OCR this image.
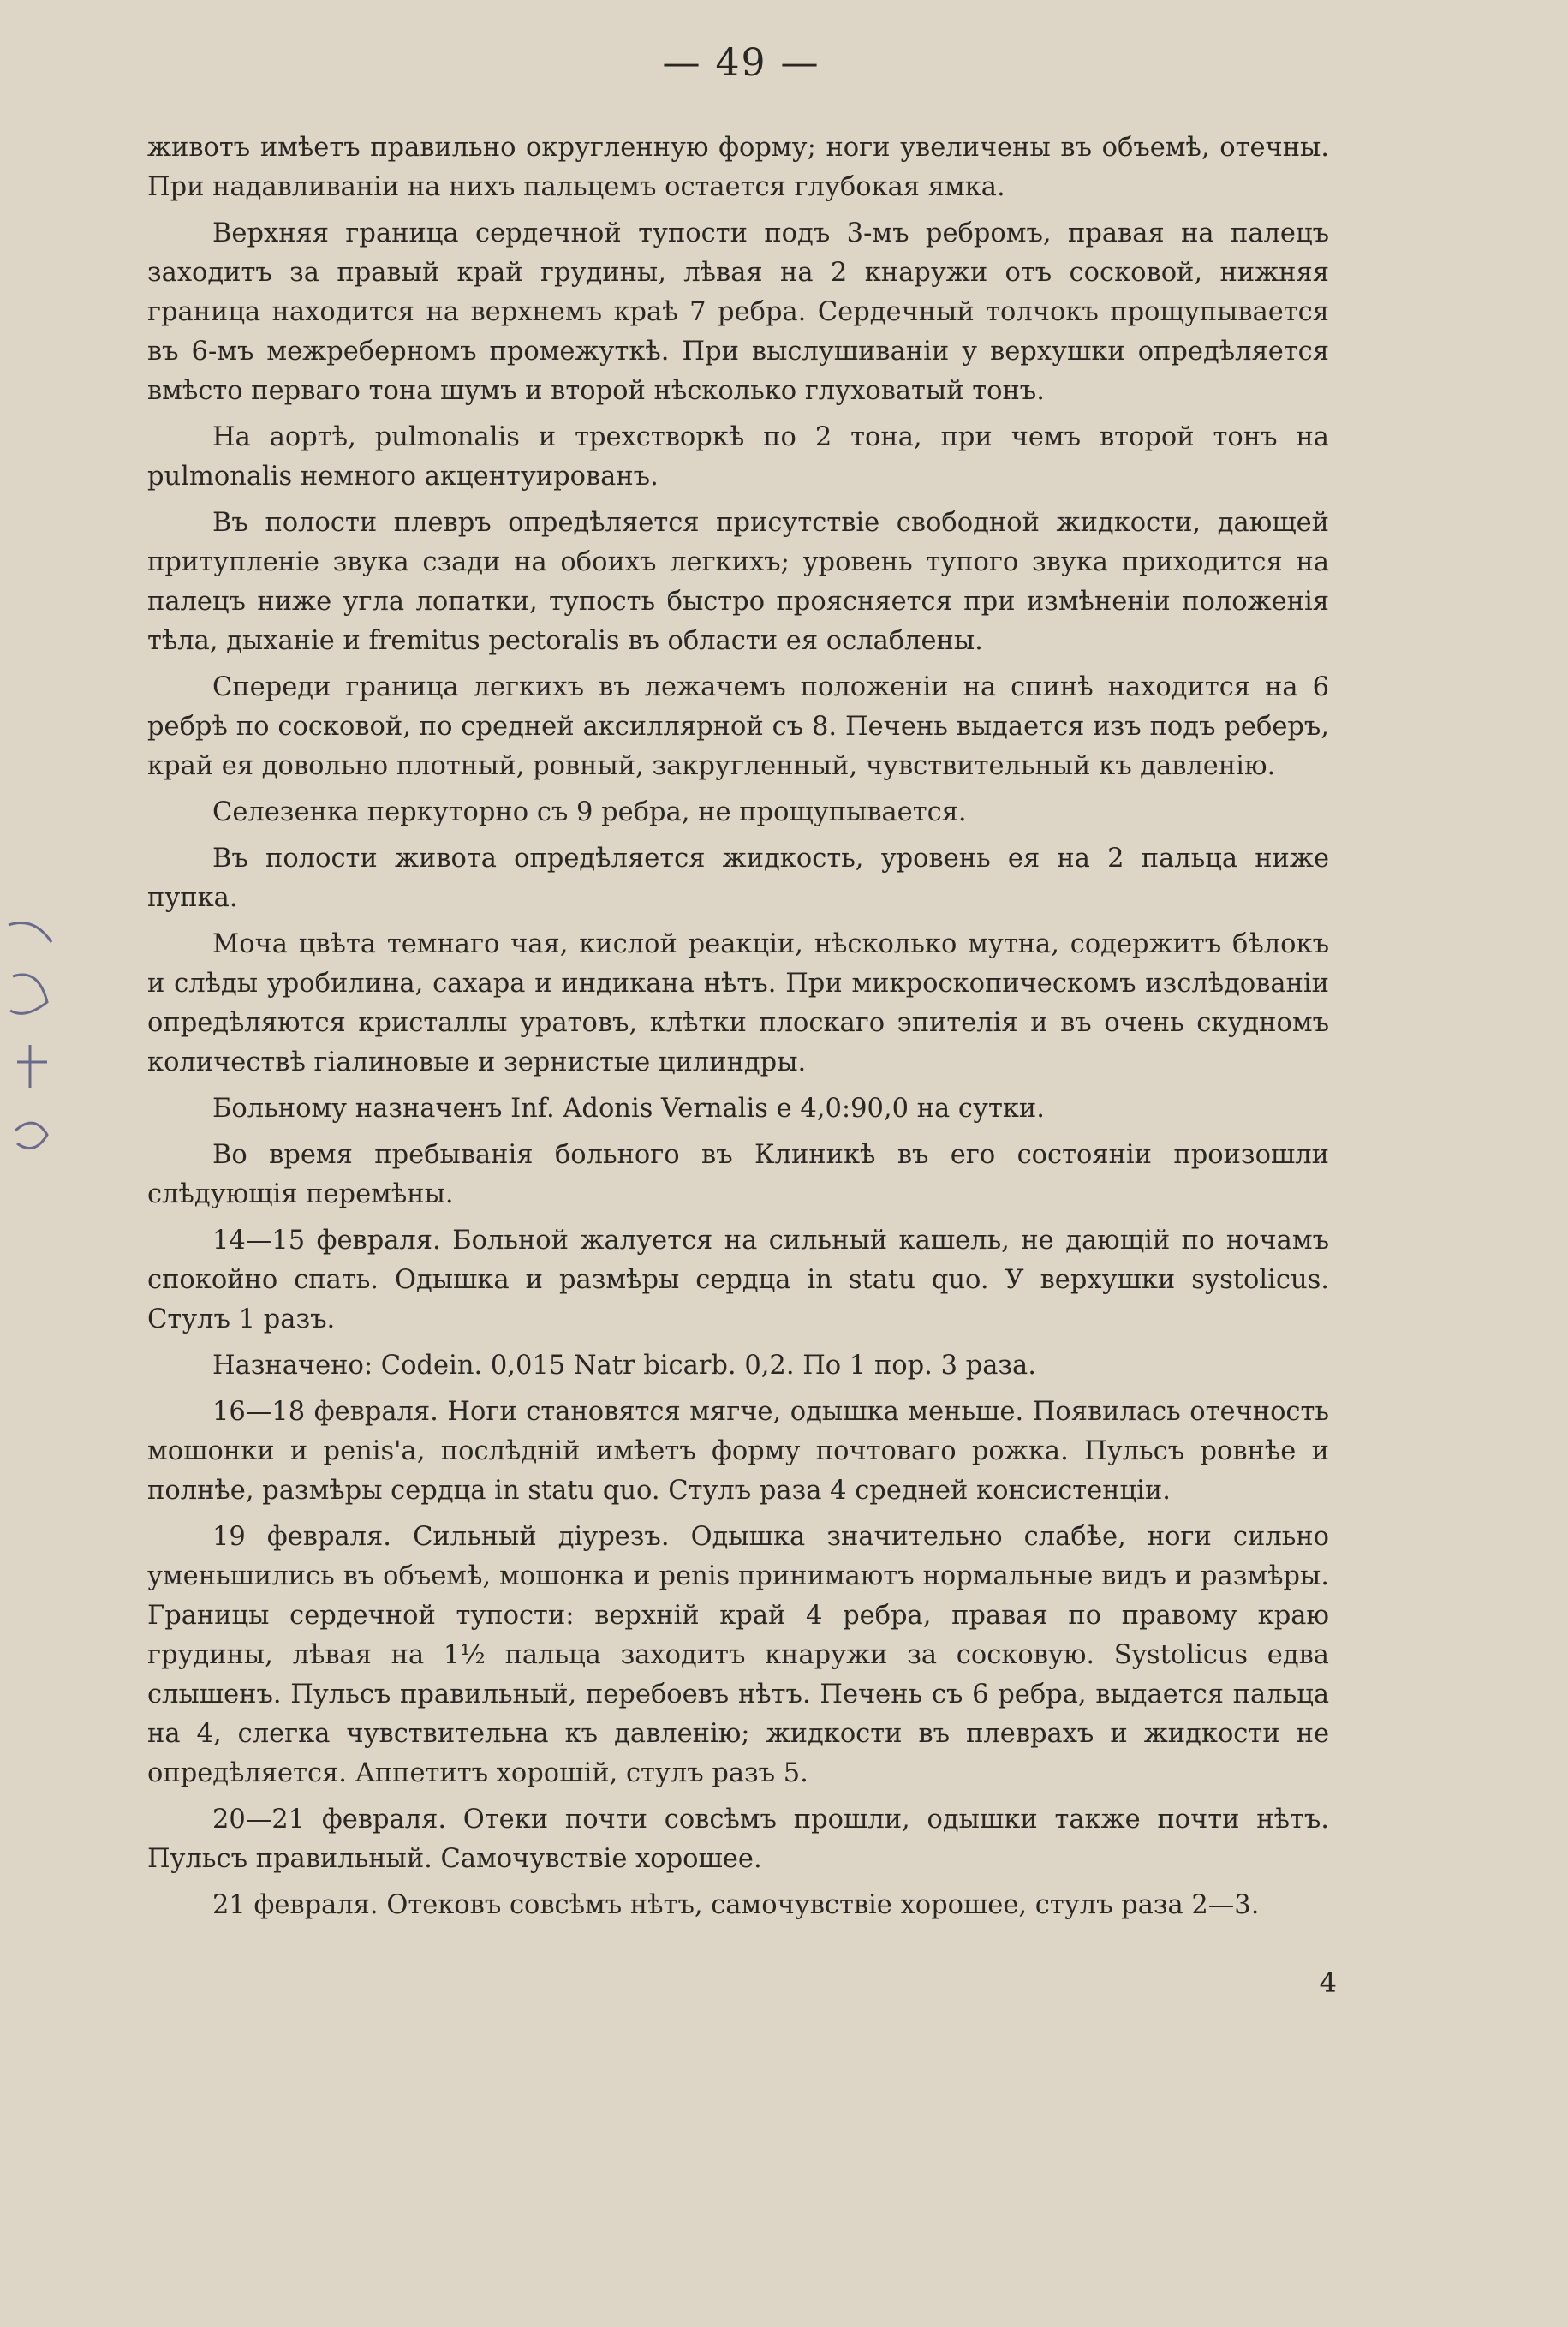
— 49 —

животъ имѣетъ правильно округленную форму; ноги увеличены въ объемѣ, отечны. При надавливаніи на нихъ пальцемъ остается глубокая ямка.

Верхняя граница сердечной тупости подъ 3-мъ ребромъ, правая на палецъ заходитъ за правый край грудины, лѣвая на 2 кнаружи отъ сосковой, нижняя граница находится на верхнемъ краѣ 7 ребра. Сердечный толчокъ прощупывается въ 6-мъ межреберномъ промежуткѣ. При выслушиваніи у верхушки опредѣляется вмѣсто перваго тона шумъ и второй нѣсколько глуховатый тонъ.

На аортѣ, pulmonalis и трехстворкѣ по 2 тона, при чемъ второй тонъ на pulmonalis немного акцентуированъ.

Въ полости плевръ опредѣляется присутствіе свободной жидкости, дающей притупленіе звука сзади на обоихъ легкихъ; уровень тупого звука приходится на палецъ ниже угла лопатки, тупость быстро проясняется при измѣненіи положенія тѣла, дыханіе и fremitus pectoralis въ области ея ослаблены.

Спереди граница легкихъ въ лежачемъ положеніи на спинѣ находится на 6 ребрѣ по сосковой, по средней аксиллярной съ 8. Печень выдается изъ подъ реберъ, край ея довольно плотный, ровный, закругленный, чувствительный къ давленію.

Селезенка перкуторно съ 9 ребра, не прощупывается.

Въ полости живота опредѣляется жидкость, уровень ея на 2 пальца ниже пупка.

Моча цвѣта темнаго чая, кислой реакціи, нѣсколько мутна, содержитъ бѣлокъ и слѣды уробилина, сахара и индикана нѣтъ. При микроскопическомъ изслѣдованіи опредѣляются кристаллы уратовъ, клѣтки плоскаго эпителія и въ очень скудномъ количествѣ гіалиновые и зернистые цилиндры.

Больному назначенъ Inf. Adonis Vernalis e 4,0:90,0 на сутки.

Во время пребыванія больного въ Клиникѣ въ его состояніи произошли слѣдующія перемѣны.

14—15 февраля. Больной жалуется на сильный кашель, не дающій по ночамъ спокойно спать. Одышка и размѣры сердца in statu quo. У верхушки systolicus. Стулъ 1 разъ.

Назначено: Codein. 0,015 Natr bicarb. 0,2. По 1 пор. 3 раза.

16—18 февраля. Ноги становятся мягче, одышка меньше. Появилась отечность мошонки и penis'a, послѣдній имѣетъ форму почтоваго рожка. Пульсъ ровнѣе и полнѣе, размѣры сердца in statu quo. Стулъ раза 4 средней консистенціи.

19 февраля. Сильный діурезъ. Одышка значительно слабѣе, ноги сильно уменьшились въ объемѣ, мошонка и penis принимаютъ нормальные видъ и размѣры. Границы сердечной тупости: верхній край 4 ребра, правая по правому краю грудины, лѣвая на 1½ пальца заходитъ кнаружи за сосковую. Systolicus едва слышенъ. Пульсъ правильный, перебоевъ нѣтъ. Печень съ 6 ребра, выдается пальца на 4, слегка чувствительна къ давленію; жидкости въ плеврахъ и жидкости не опредѣляется. Аппетитъ хорошій, стулъ разъ 5.

20—21 февраля. Отеки почти совсѣмъ прошли, одышки также почти нѣтъ. Пульсъ правильный. Самочувствіе хорошее.

21 февраля. Отековъ совсѣмъ нѣтъ, самочувствіе хорошее, стулъ раза 2—3.

4
